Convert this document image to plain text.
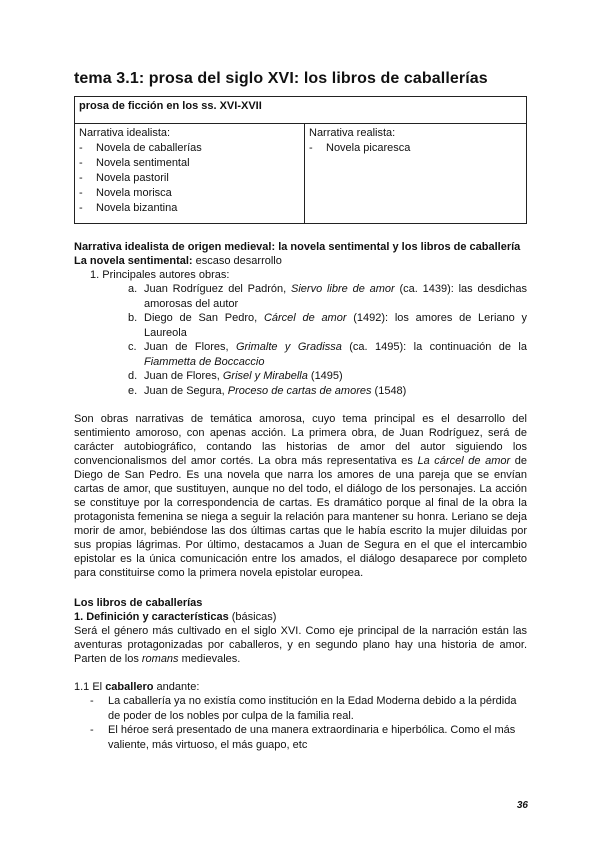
tema 3.1: prosa del siglo XVI: los libros de caballerías
prosa de ficción en los ss. XVI-XVII

Narrativa idealista:
- Novela de caballerías
- Novela sentimental
- Novela pastoril
- Novela morisca
- Novela bizantina

Narrativa realista:
- Novela picaresca

Narrativa idealista de origen medieval: la novela sentimental y los libros de caballería

La novela sentimental: escaso desarrollo

1. Principales autores obras:
a. Juan Rodríguez del Padrón, Siervo libre de amor (ca. 1439): las desdichas amorosas del autor
b. Diego de San Pedro, Cárcel de amor (1492): los amores de Leriano y Laureola
c. Juan de Flores, Grimalte y Gradissa (ca. 1495): la continuación de la Fiammetta de Boccaccio
d. Juan de Flores, Grisel y Mirabella (1495)
e. Juan de Segura, Proceso de cartas de amores (1548)

Son obras narrativas de temática amorosa, cuyo tema principal es el desarrollo del sentimiento amoroso, con apenas acción. La primera obra, de Juan Rodríguez, será de carácter autobiográfico, contando las historias de amor del autor siguiendo los convencionalismos del amor cortés. La obra más representativa es La cárcel de amor de Diego de San Pedro. Es una novela que narra los amores de una pareja que se envían cartas de amor, que sustituyen, aunque no del todo, el diálogo de los personajes. La acción se constituye por la correspondencia de cartas. Es dramático porque al final de la obra la protagonista femenina se niega a seguir la relación para mantener su honra. Leriano se deja morir de amor, bebiéndose las dos últimas cartas que le había escrito la mujer diluidas por sus propias lágrimas. Por último, destacamos a Juan de Segura en el que el intercambio epistolar es la única comunicación entre los amados, el diálogo desaparece por completo para constituirse como la primera novela epistolar europea.

Los libros de caballerías

1. Definición y características (básicas)

Será el género más cultivado en el siglo XVI. Como eje principal de la narración están las aventuras protagonizadas por caballeros, y en segundo plano hay una historia de amor. Parten de los romans medievales.

1.1 El caballero andante:

- La caballería ya no existía como institución en la Edad Moderna debido a la pérdida de poder de los nobles por culpa de la familia real.
- El héroe será presentado de una manera extraordinaria e hiperbólica. Como el más valiente, más virtuoso, el más guapo, etc
36
